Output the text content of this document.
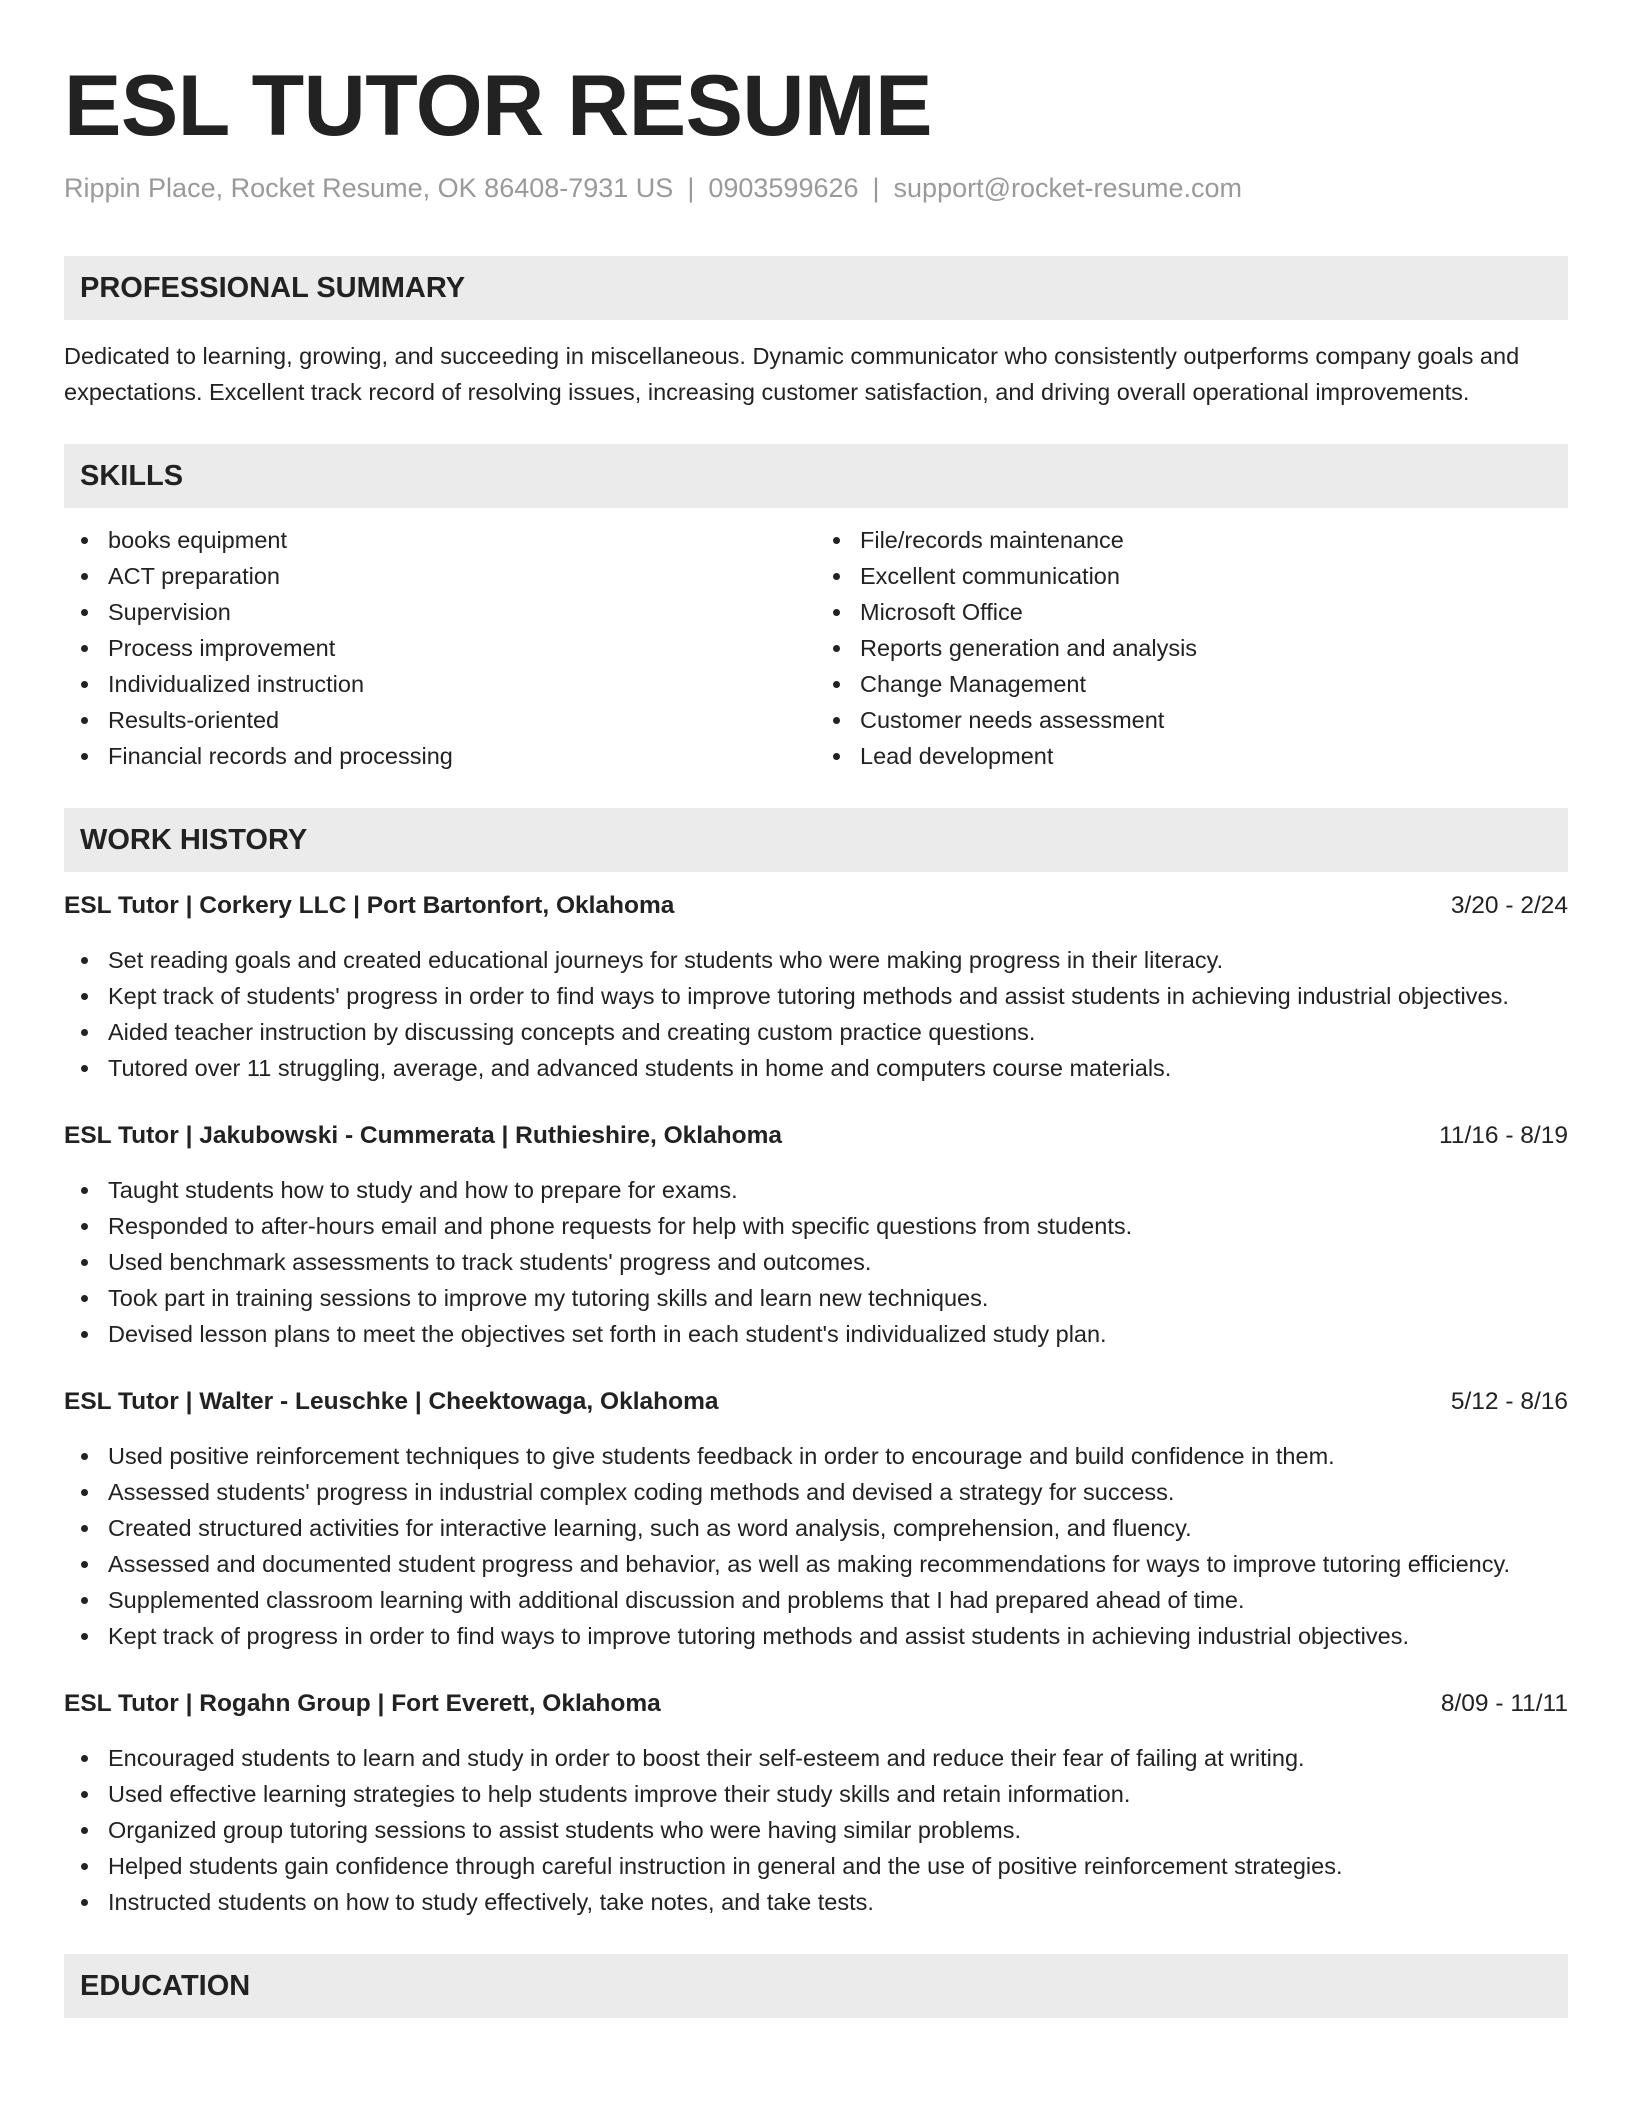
ESL TUTOR RESUME
Rippin Place, Rocket Resume, OK 86408-7931 US | 0903599626 | support@rocket-resume.com
PROFESSIONAL SUMMARY
Dedicated to learning, growing, and succeeding in miscellaneous. Dynamic communicator who consistently outperforms company goals and expectations. Excellent track record of resolving issues, increasing customer satisfaction, and driving overall operational improvements.
SKILLS
books equipment
ACT preparation
Supervision
Process improvement
Individualized instruction
Results-oriented
Financial records and processing
File/records maintenance
Excellent communication
Microsoft Office
Reports generation and analysis
Change Management
Customer needs assessment
Lead development
WORK HISTORY
ESL Tutor | Corkery LLC | Port Bartonfort, Oklahoma	3/20 - 2/24
Set reading goals and created educational journeys for students who were making progress in their literacy.
Kept track of students' progress in order to find ways to improve tutoring methods and assist students in achieving industrial objectives.
Aided teacher instruction by discussing concepts and creating custom practice questions.
Tutored over 11 struggling, average, and advanced students in home and computers course materials.
ESL Tutor | Jakubowski - Cummerata | Ruthieshire, Oklahoma	11/16 - 8/19
Taught students how to study and how to prepare for exams.
Responded to after-hours email and phone requests for help with specific questions from students.
Used benchmark assessments to track students' progress and outcomes.
Took part in training sessions to improve my tutoring skills and learn new techniques.
Devised lesson plans to meet the objectives set forth in each student's individualized study plan.
ESL Tutor | Walter - Leuschke | Cheektowaga, Oklahoma	5/12 - 8/16
Used positive reinforcement techniques to give students feedback in order to encourage and build confidence in them.
Assessed students' progress in industrial complex coding methods and devised a strategy for success.
Created structured activities for interactive learning, such as word analysis, comprehension, and fluency.
Assessed and documented student progress and behavior, as well as making recommendations for ways to improve tutoring efficiency.
Supplemented classroom learning with additional discussion and problems that I had prepared ahead of time.
Kept track of progress in order to find ways to improve tutoring methods and assist students in achieving industrial objectives.
ESL Tutor | Rogahn Group | Fort Everett, Oklahoma	8/09 - 11/11
Encouraged students to learn and study in order to boost their self-esteem and reduce their fear of failing at writing.
Used effective learning strategies to help students improve their study skills and retain information.
Organized group tutoring sessions to assist students who were having similar problems.
Helped students gain confidence through careful instruction in general and the use of positive reinforcement strategies.
Instructed students on how to study effectively, take notes, and take tests.
EDUCATION
